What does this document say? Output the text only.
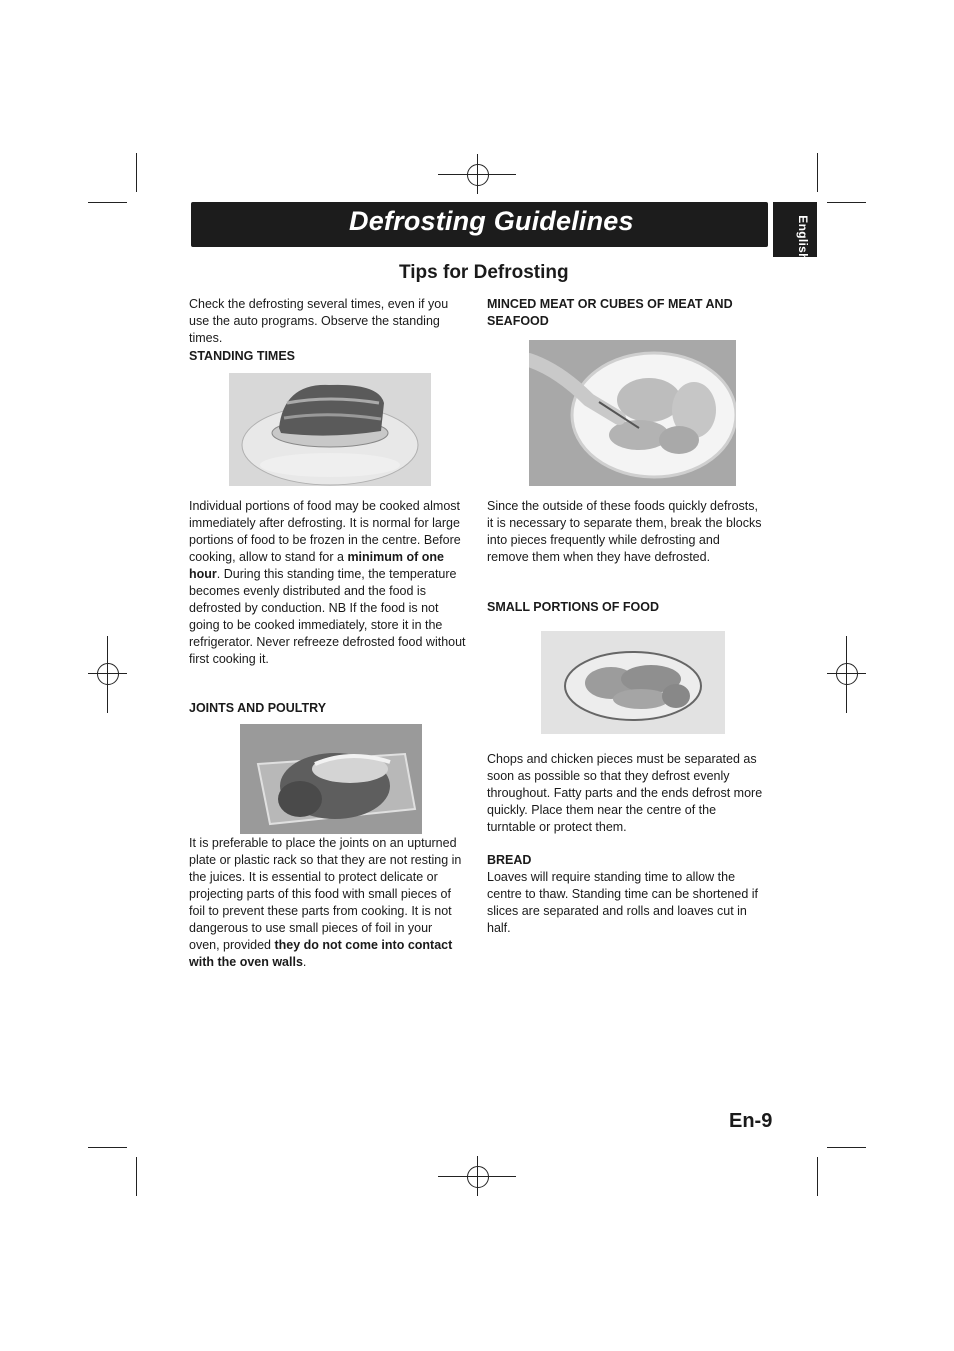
Defrosting Guidelines	English
Tips for Defrosting

Check the defrosting several times, even if you use the auto programs. Observe the standing times.

STANDING TIMES

Individual portions of food may be cooked almost immediately after defrosting. It is normal for large portions of food to be frozen in the centre. Before cooking, allow to stand for a minimum of one hour. During this standing time, the temperature becomes evenly distributed and the food is defrosted by conduction. NB If the food is not going to be cooked immediately, store it in the refrigerator. Never refreeze defrosted food without first cooking it.

JOINTS AND POULTRY

It is preferable to place the joints on an upturned plate or plastic rack so that they are not resting in the juices. It is essential to protect delicate or projecting parts of this food with small pieces of foil to prevent these parts from cooking. It is not dangerous to use small pieces of foil in your oven, provided they do not come into contact with the oven walls.

MINCED MEAT OR CUBES OF MEAT AND SEAFOOD

Since the outside of these foods quickly defrosts, it is necessary to separate them, break the blocks into pieces frequently while defrosting and remove them when they have defrosted.

SMALL PORTIONS OF FOOD

Chops and chicken pieces must be separated as soon as possible so that they defrost evenly throughout. Fatty parts and the ends defrost more quickly. Place them near the centre of the turntable or protect them.

BREAD

Loaves will require standing time to allow the centre to thaw. Standing time can be shortened if slices are separated and rolls and loaves cut in half.

En-9
